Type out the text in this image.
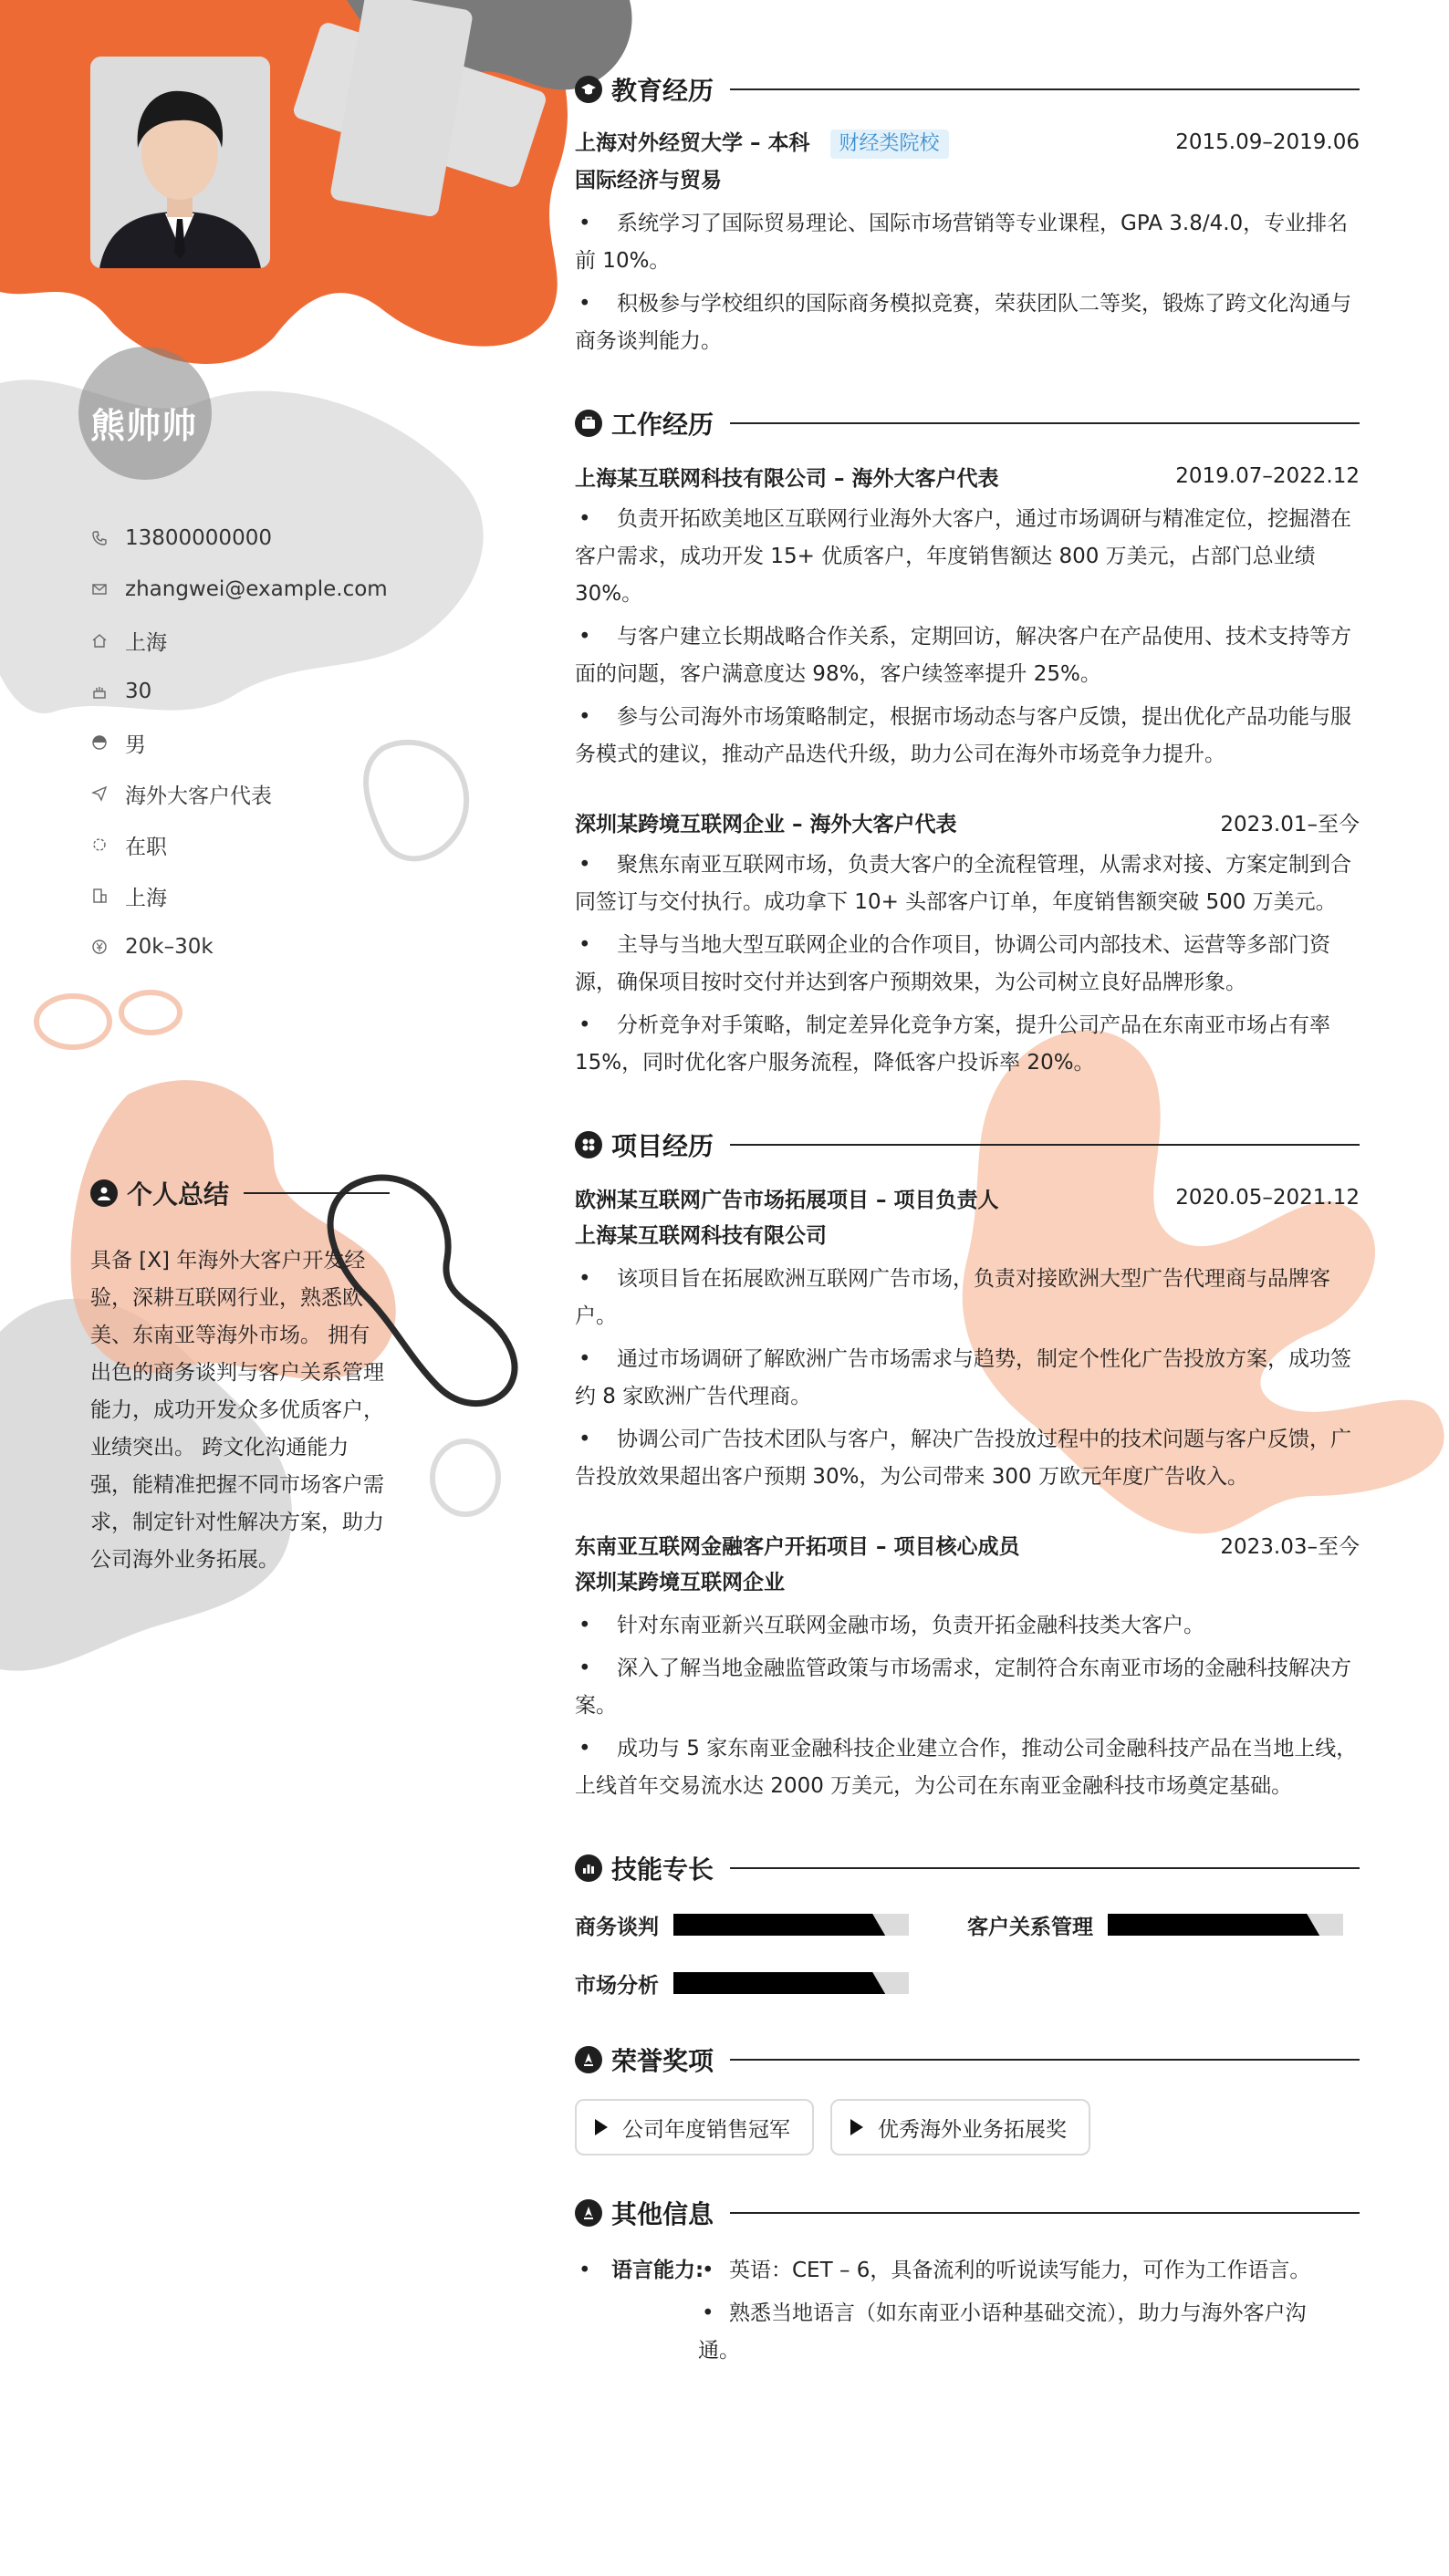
熊帅帅
13800000000
zhangwei@example.com
上海
30
男
海外大客户代表
在职
上海
20k–30k
个人总结
具备 [X] 年海外大客户开发经验，深耕互联网行业，熟悉欧美、东南亚等海外市场。 拥有出色的商务谈判与客户关系管理能力，成功开发众多优质客户，业绩突出。 跨文化沟通能力强，能精准把握不同市场客户需求，制定针对性解决方案，助力公司海外业务拓展。
教育经历
上海对外经贸大学 – 本科 财经类院校	2015.09–2019.06
国际经济与贸易
• 系统学习了国际贸易理论、国际市场营销等专业课程，GPA 3.8/4.0，专业排名前 10%。
• 积极参与学校组织的国际商务模拟竞赛，荣获团队二等奖，锻炼了跨文化沟通与商务谈判能力。
工作经历
上海某互联网科技有限公司 – 海外大客户代表	2019.07–2022.12
• 负责开拓欧美地区互联网行业海外大客户，通过市场调研与精准定位，挖掘潜在客户需求，成功开发 15+ 优质客户，年度销售额达 800 万美元，占部门总业绩 30%。
• 与客户建立长期战略合作关系，定期回访，解决客户在产品使用、技术支持等方面的问题，客户满意度达 98%，客户续签率提升 25%。
• 参与公司海外市场策略制定，根据市场动态与客户反馈，提出优化产品功能与服务模式的建议，推动产品迭代升级，助力公司在海外市场竞争力提升。
深圳某跨境互联网企业 – 海外大客户代表	2023.01–至今
• 聚焦东南亚互联网市场，负责大客户的全流程管理，从需求对接、方案定制到合同签订与交付执行。成功拿下 10+ 头部客户订单，年度销售额突破 500 万美元。
• 主导与当地大型互联网企业的合作项目，协调公司内部技术、运营等多部门资源，确保项目按时交付并达到客户预期效果，为公司树立良好品牌形象。
• 分析竞争对手策略，制定差异化竞争方案，提升公司产品在东南亚市场占有率 15%，同时优化客户服务流程，降低客户投诉率 20%。
项目经历
欧洲某互联网广告市场拓展项目 – 项目负责人	2020.05–2021.12
上海某互联网科技有限公司
• 该项目旨在拓展欧洲互联网广告市场，负责对接欧洲大型广告代理商与品牌客户。
• 通过市场调研了解欧洲广告市场需求与趋势，制定个性化广告投放方案，成功签约 8 家欧洲广告代理商。
• 协调公司广告技术团队与客户，解决广告投放过程中的技术问题与客户反馈，广告投放效果超出客户预期 30%，为公司带来 300 万欧元年度广告收入。
东南亚互联网金融客户开拓项目 – 项目核心成员	2023.03–至今
深圳某跨境互联网企业
• 针对东南亚新兴互联网金融市场，负责开拓金融科技类大客户。
• 深入了解当地金融监管政策与市场需求，定制符合东南亚市场的金融科技解决方案。
• 成功与 5 家东南亚金融科技企业建立合作，推动公司金融科技产品在当地上线，上线首年交易流水达 2000 万美元，为公司在东南亚金融科技市场奠定基础。
技能专长
商务谈判	客户关系管理
市场分析
荣誉奖项
公司年度销售冠军	优秀海外业务拓展奖
其他信息
• 语言能力:
•	英语：CET – 6，具备流利的听说读写能力，可作为工作语言。
• 熟悉当地语言（如东南亚小语种基础交流），助力与海外客户沟通。
